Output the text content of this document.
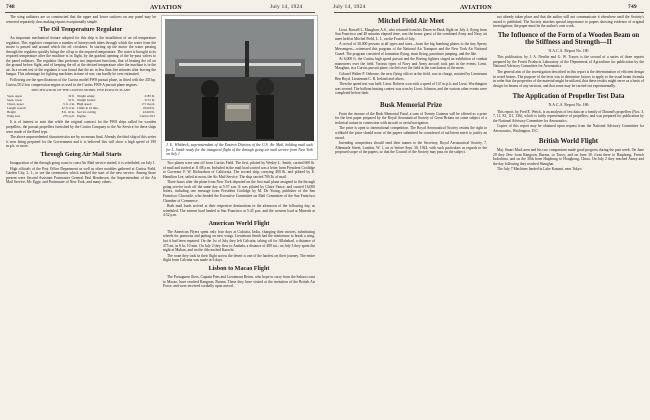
748	AVIATION	July 14, 1924	July 14, 1924	AVIATION	749

The wing radiators are so constructed that the upper and lower surfaces on any panel may be removed separately, thus making repairs exceptionally simple.

The Oil Temperature Regulator

An important mechanical feature adopted for this ship is the installation of an oil temperature regulator. This regulator comprises a number of honeycomb tubes through which the water from the motor is passed and around which the oil circulates. In starting up the motor the water passing through the regulator quickly brings the oil up to the required temperature. The water is brought to its required temperature after the machine is in flight, by the gradual opening of the by-pass valves to the panel radiators. The regulator thus performs two important functions, that of heating the oil on the ground before flight, and of keeping the oil at the desired temperature after the machine is in the air. In a recent test of the regulator it was found that the air in less than five minutes after leaving the hangar. This advantage for fighting machines in time of war, can hardly be over estimated.

Following are the specifications of the Curtiss model PW8 pursuit plane, as fitted with the 435 hp. Curtiss D12 low compression engine as used in the Curtiss PW8-A pursuit plane engines.

SPECIFICATION OF THE CURTISS MODEL PW8 PURSUIT PLANE
Span, upper	32 ft.	Weight empty	2185 lb.
Span, lower	32 ft.	Weight loaded	3151 lb.
Chord, upper	5 ft. 2 in.	High speed	171 m.p.h.
Length overall	22 ft. 6 in.	Climb in 10 min.	18,000 ft.
Height	8 ft. 10 in.	Service ceiling	22,000 ft.
Wing area	279 sq.ft.	Engine	Curtiss D12

It is of interest to note that while the original contract for the PW8 ships called for wooden propellers, the pursuit propellers furnished by the Curtiss Company to the Air Service for these ships were made of the Reed type.

The above unprecedented characteristics are by no means final. Already the third ship of this series is now being prepared for the Government and it is believed this will show a high speed of 190 m.p.h. or more.

Through Going Air Mail Starts

Inauguration of the through going coast to coast Air Mail service started, it is scheduled, on July 1.

High officials of the Post Office Department as well as other notables gathered at Curtiss Field, Garden City, L. I., to see the ceremonies which marked the start of the new service. Among those present were Second Assistant Postmaster General Paul Henderson, the Superintendent of the Air Mail Service, Mr. Egge, and Postmaster of New York, and many others.

J. E. Whitbeck, superintendent of the Eastern Division of the U.S. Air Mail, holding mail sack for L. Smith ready for the inaugural flight of the through going air mail service from New York on July 1

Two planes were sent off from Curtiss Field. The first, piloted by Wesley L. Smith, carried 600 lb. of mail and started at 11:08 a.m. Included in the mail load carried was a letter from President Coolidge to Governor F. W. Richardson of California. The second ship, carrying 400 lb. and piloted by E. Hamilton Lee, sailed at noon, the Air Mail Service. The ship carried 700 lb. of mail.

Three hours after the plane from New York departed on the first mail plane assigned to the through going service took off the same day at 5:57 a.m. It was piloted by Claire Vance, and carried 16,000 letters, including one message from President Coolidge by M. De Young, publisher of the San Francisco Chronicle, who headed the Executive Committee on Mail Committee of the San Francisco Chamber of Commerce.

Both mail loads arrived at their respective destinations in the afternoon of the following day, as scheduled. The eastern load landed at San Francisco at 5:45 p.m. and the western load at Mineola at 4:52 p.m.

American World Flight

The American Flyers spent only four days at Calcutta, India, changing their motors, substituting wheels for pontoons and putting on new wings. Lieutenant Smith had the misfortune to break a wing, but it had been repaired. On the 1st of July they left Calcutta, taking off for Allahabad, a distance of 475 mi. in 6 hr. 10 min. On July 2 they flew to Ambala, a distance of 480 mi.; on July 3 they spent the night at Multan, and on the 4th reached Karachi.

The route they took in their flight across the desert is one of the hardest on their journey. The entire flight from Calcutta was made in 6 days.

Lisbon to Macao Flight

The Portuguese fliers, Captain Paes and Lieutenant Beires, who hope to carry from the Sahara coast to Macao, have reached Rangoon, Burma. These they have visited at the invitation of the British Air Force, and were received cordially upon arrival.

Mitchel Field Air Meet

Lieut. Russell L. Maughan, A.S., who returned from his Dawn-to-Dusk flight on July 2, flying from San Francisco and 48 minutes elapsed time, was the honor guest of the combined Army and Navy air meet held at Mitchel Field, L. I., on the Fourth of July.

A crowd of 30,000 persons at all types and sizes—from the big bombing planes to the tiny Sperry Messengers—witnessed this program of the National Air Transport and the New York Air National Guard. The program consisted of formation flying, stunt flying, parachute jumping, and the like.

At 6,000 ft. the Curtiss high speed pursuit and the Boeing fighters staged an exhibition of combat maneuvers over the field. Various types of Navy and Army aircraft took part in the events. Lieut. Maughan, in a Curtiss pursuit plane, circled over the field at the conclusion of the meet.

Colonel Walter P. Ozborne, the new flying officer at the field, was in charge, assisted by Lieutenant Ben Boyd, Lieutenant C. R. Ireland and others.

Then the speed test was held. Lieut. Roberts won with a speed of 147 m.p.h. and Lieut. Worthington was second. The balloon busting contest was won by Lieut. Johnson, and the various other events were completed before dark.

Busk Memorial Prize

From the income of the Busk Memorial Fund, a sum of Twenty Guineas will be offered as a prize for the best paper prepared by the Royal Aeronautical Society of Great Britain on some subject of a technical nature in connection with aircraft or aerial navigation.

The prize is open to international competition. The Royal Aeronautical Society retains the right to withhold the prize should none of the papers submitted be considered of sufficient merit to justify an award.

Intending competitors should send their names to the Secretary, Royal Aeronautical Society, 7, Albemarle Street, London, W. 1, on or before Sept. 30, 1924, with such particulars as regards to the proposed scope of the papers, so that the Council of the Society may pass on the subject.

not already taken place and that the author will not communicate it elsewhere until the Society's award is published. The Society attaches special importance to papers showing evidence of original investigation; the paper must be the author's own work.

The Influence of the Form of a Wooden Beam on the Stiffness and Strength—II
N.A.C.A. Report No. 180

This publication, by J. A. Newlin and G. W. Trayer, is the second of a series of three reports prepared by the Forest Products Laboratory of the Department of Agriculture for publication by the National Advisory Committee for Aeronautics.

The general aim of the investigation described in this report is the determination of efficient design in wood beams. The purpose of the tests was to determine factors to apply to the usual beam formula in order that the properties of the material might be utilized, that these results might serve as a basis of design for beams of any sections, and that some may be carried out experimentally.

The Application of Propeller Test Data
N.A.C.A. Report No. 186

This report, by Fred E. Weick, is an analysis of test data on a family of Durand's propellers (Nos. 3, 7, 11, 82, 111, 136), which is fairly representative of propellers, and was prepared for publication by the National Advisory Committee for Aeronautics.

Copies of this report may be obtained upon request from the National Advisory Committee for Aeronautics, Washington, D.C.

British World Flight

Maj. Stuart MacLaren and his two companions made good progress during the past week. On June 29 they flew from Rangoon, Burma, to Tavoy, and on June 30, from there to Haiphong, French Indochina, and on the 30th from Haiphong to Hongkong, China. On July 2 they reached Amoy and the day following they reached Shanghai.

The July 7 Machines landed in Lake Kasumi, near Tokyo.
